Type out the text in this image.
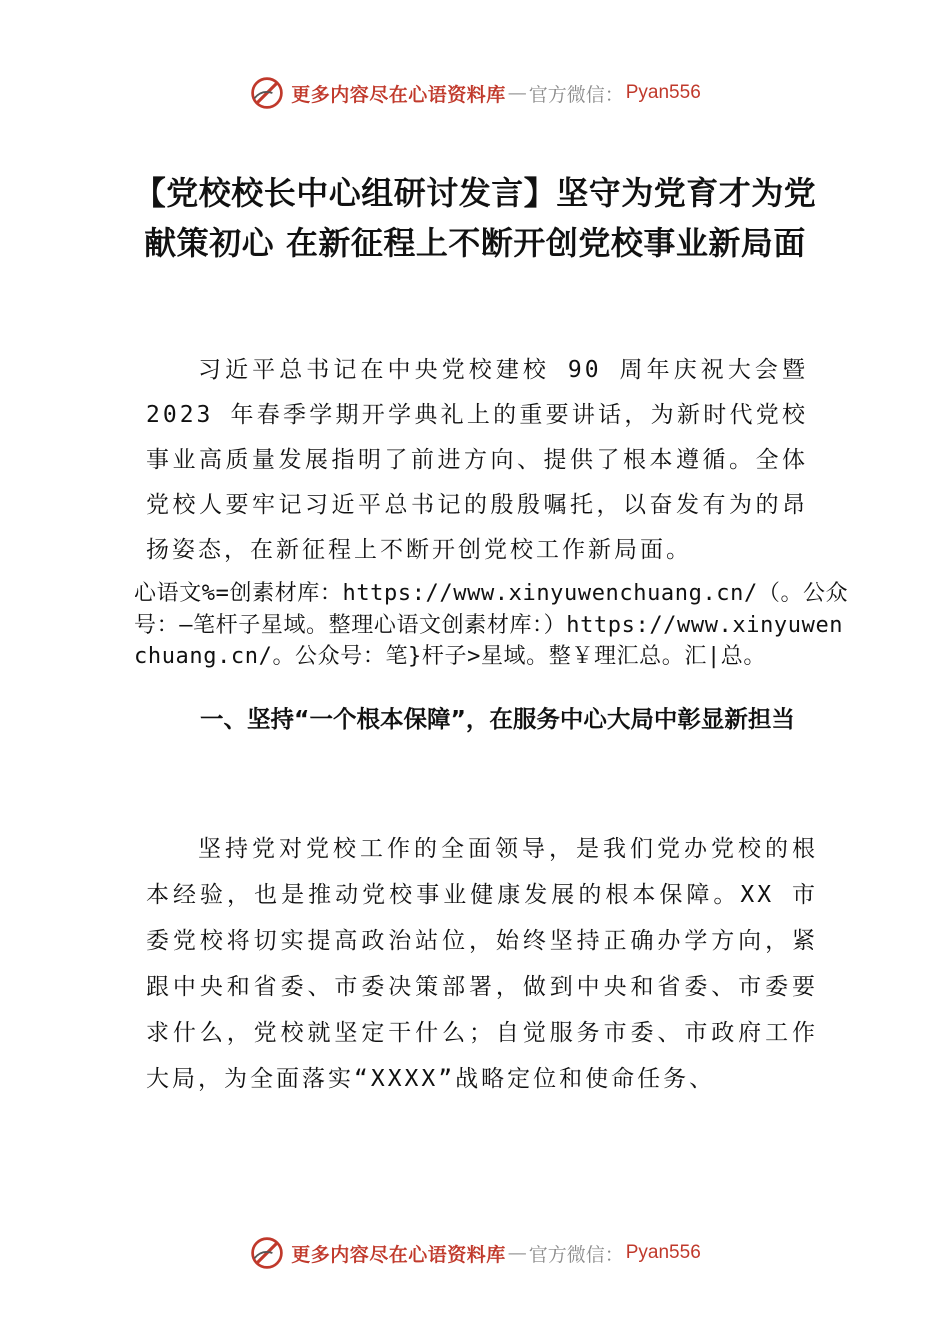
更多内容尽在心语资料库 — 官方微信： Pyan556
【党校校长中心组研讨发言】坚守为党育才为党献策初心 在新征程上不断开创党校事业新局面

习近平总书记在中央党校建校 90 周年庆祝大会暨2023 年春季学期开学典礼上的重要讲话，为新时代党校事业高质量发展指明了前进方向、提供了根本遵循。全体党校人要牢记习近平总书记的殷殷嘱托，以奋发有为的昂扬姿态，在新征程上不断开创党校工作新局面。

心语文%=创素材库：https://www.xinyuwenchuang.cn/（。公众号：—笔杆子星域。整理心语文创素材库：）https://www.xinyuwenchuang.cn/。公众号：笔}杆子>星域。整￥理汇总。汇|总。

一、坚持“一个根本保障”，在服务中心大局中彰显新担当

坚持党对党校工作的全面领导，是我们党办党校的根本经验，也是推动党校事业健康发展的根本保障。XX 市委党校将切实提高政治站位，始终坚持正确办学方向，紧跟中央和省委、市委决策部署，做到中央和省委、市委要求什么，党校就坚定干什么；自觉服务市委、市政府工作大局，为全面落实“XXXX”战略定位和使命任务、

更多内容尽在心语资料库 — 官方微信： Pyan556
